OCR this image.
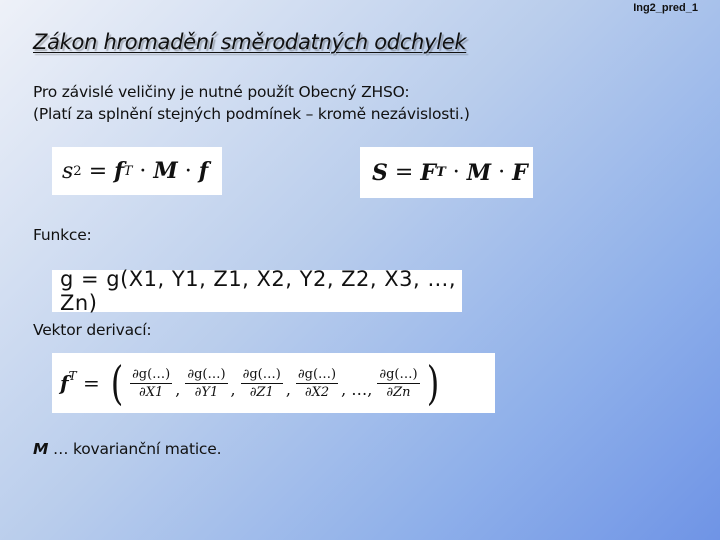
Ing2_pred_1
Zákon hromadění směrodatných odchylek
Pro závislé veličiny je nutné použít Obecný ZHSO:
(Platí za splnění stejných podmínek – kromě nezávislosti.)
s 2
=
f T
·
M
·
f	S
=
F T
·
M
·
F
Funkce:
g = g(X1, Y1, Z1, X2, Y2, Z2, X3, …, Zn)
Vektor derivací:
$f^T$
=
( $\frac{\partial g(\dots)}{\partial X1}$ , $\frac{\partial g(\dots)}{\partial Y1}$ , $\frac{\partial g(\dots)}{\partial Z1}$ , $\frac{\partial g(\dots)}{\partial X2}$ , …, $\frac{\partial g(\dots)}{\partial Zn}$ )
M … kovarianční matice.
